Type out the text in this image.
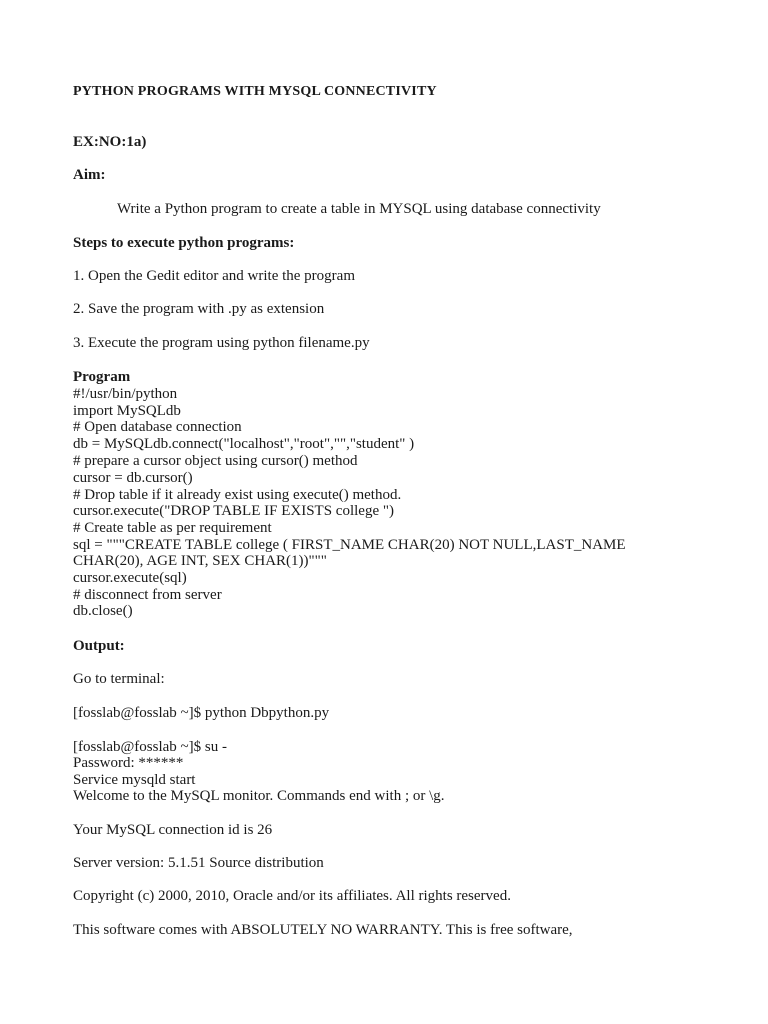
PYTHON PROGRAMS WITH MYSQL CONNECTIVITY
EX:NO:1a)
Aim:
Write a Python program to create a table in MYSQL using database connectivity
Steps to execute python programs:
1. Open the Gedit editor and write the program
2. Save the program with .py as extension
3. Execute the program using python filename.py
Program
#!/usr/bin/python
import MySQLdb
# Open database connection
db = MySQLdb.connect("localhost","root","","student" )
# prepare a cursor object using cursor() method
cursor = db.cursor()
# Drop table if it already exist using execute() method.
cursor.execute("DROP TABLE IF EXISTS college ")
# Create table as per requirement
sql = """CREATE TABLE college ( FIRST_NAME CHAR(20) NOT NULL,LAST_NAME
CHAR(20), AGE INT, SEX CHAR(1))"""
cursor.execute(sql)
# disconnect from server
db.close()
Output:
Go to terminal:
[fosslab@fosslab ~]$ python Dbpython.py
[fosslab@fosslab ~]$ su -
Password: ******
Service mysqld start
Welcome to the MySQL monitor. Commands end with ; or \g.
Your MySQL connection id is 26
Server version: 5.1.51 Source distribution
Copyright (c) 2000, 2010, Oracle and/or its affiliates. All rights reserved.
This software comes with ABSOLUTELY NO WARRANTY. This is free software,
